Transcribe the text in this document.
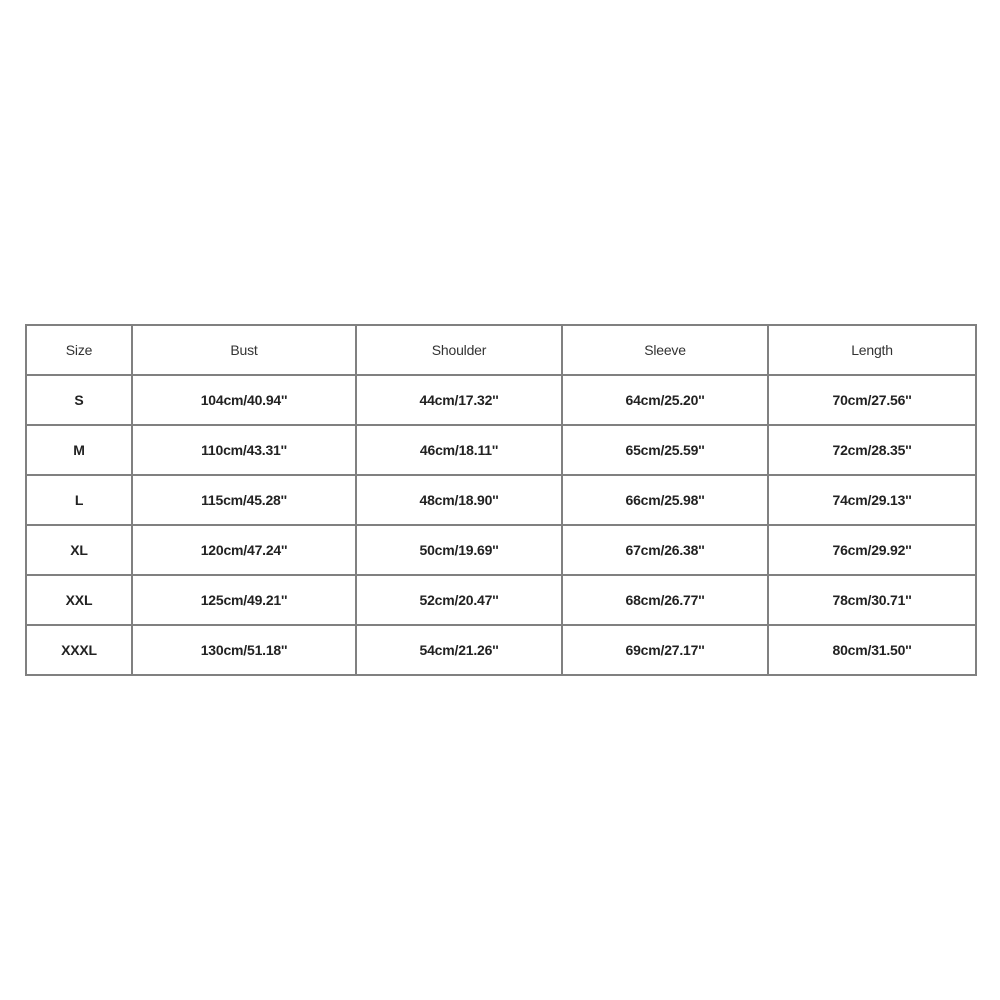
Size	Bust	Shoulder	Sleeve	Length
S	104cm/40.94''	44cm/17.32''	64cm/25.20''	70cm/27.56''
M	110cm/43.31''	46cm/18.11''	65cm/25.59''	72cm/28.35''
L	115cm/45.28''	48cm/18.90''	66cm/25.98''	74cm/29.13''
XL	120cm/47.24''	50cm/19.69''	67cm/26.38''	76cm/29.92''
XXL	125cm/49.21''	52cm/20.47''	68cm/26.77''	78cm/30.71''
XXXL	130cm/51.18''	54cm/21.26''	69cm/27.17''	80cm/31.50''
